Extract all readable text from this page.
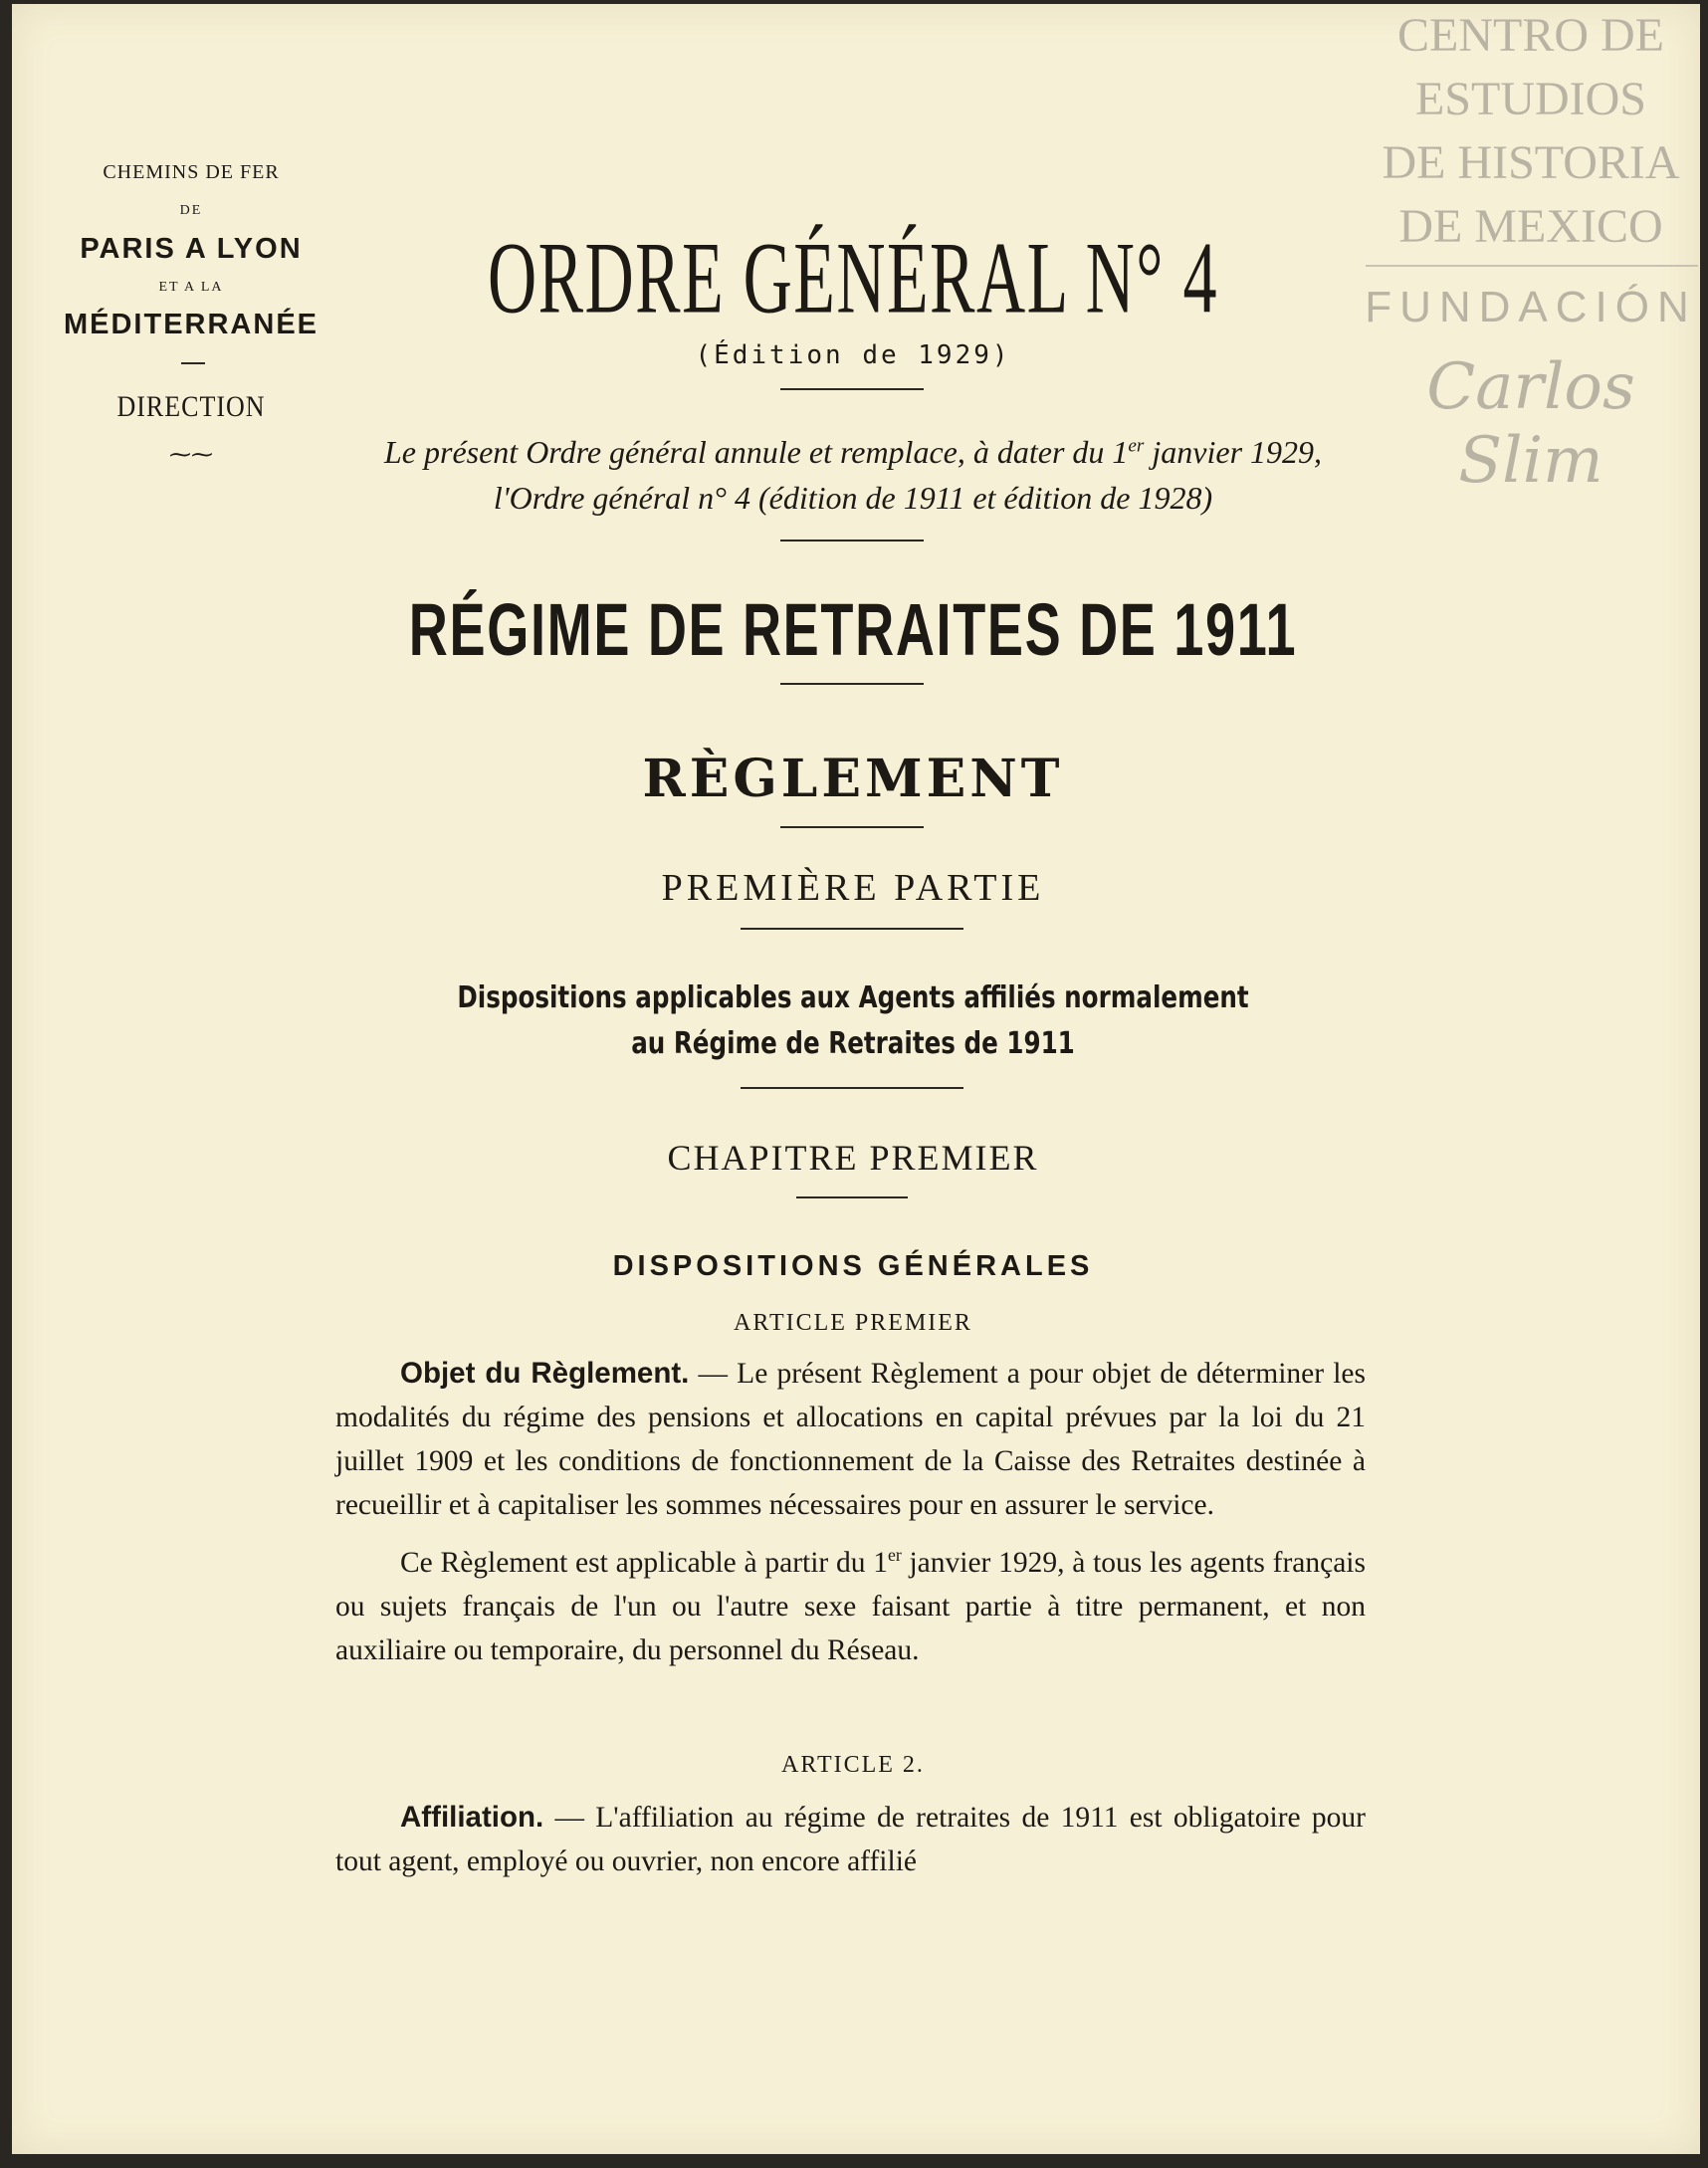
CHEMINS DE FER
DE
PARIS A LYON
ET A LA
MÉDITERRANÉE
DIRECTION
⁓⁓
CENTRO DE
ESTUDIOS
DE HISTORIA
DE MEXICO
FUNDACIÓN
Carlos Slim
ORDRE GÉNÉRAL N° 4
(Édition de 1929)
Le présent Ordre général annule et remplace, à dater du 1er janvier 1929,
l'Ordre général n° 4 (édition de 1911 et édition de 1928)
RÉGIME DE RETRAITES DE 1911
RÈGLEMENT
PREMIÈRE PARTIE
Dispositions applicables aux Agents affiliés normalement
au Régime de Retraites de 1911
CHAPITRE PREMIER
DISPOSITIONS GÉNÉRALES
ARTICLE PREMIER

Objet du Règlement. — Le présent Règlement a pour objet de déterminer les modalités du régime des pensions et allocations en capital prévues par la loi du 21 juillet 1909 et les conditions de fonctionnement de la Caisse des Retraites destinée à recueillir et à capitaliser les sommes nécessaires pour en assurer le service.

Ce Règlement est applicable à partir du 1er janvier 1929, à tous les agents français ou sujets français de l'un ou l'autre sexe faisant partie à titre permanent, et non auxiliaire ou temporaire, du personnel du Réseau.

ARTICLE 2.

Affiliation. — L'affiliation au régime de retraites de 1911 est obligatoire pour tout agent, employé ou ouvrier, non encore affilié
